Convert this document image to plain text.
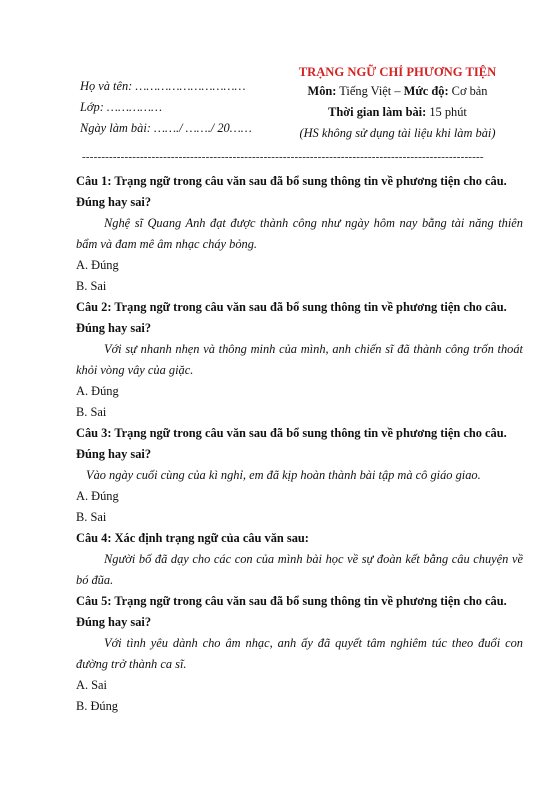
Họ và tên: …………………………
Lớp: ……………
Ngày làm bài: ……./ ……./ 20……
TRẠNG NGỮ CHỈ PHƯƠNG TIỆN
Môn: Tiếng Việt – Mức độ: Cơ bản
Thời gian làm bài: 15 phút
(HS không sử dụng tài liệu khi làm bài)
--------------------------------------------------------------------------------------------------------
Câu 1: Trạng ngữ trong câu văn sau đã bổ sung thông tin về phương tiện cho câu.
Đúng hay sai?
Nghệ sĩ Quang Anh đạt được thành công như ngày hôm nay bằng tài năng thiên bẩm và đam mê âm nhạc cháy bỏng.
A. Đúng
B. Sai
Câu 2: Trạng ngữ trong câu văn sau đã bổ sung thông tin về phương tiện cho câu.
Đúng hay sai?
Với sự nhanh nhẹn và thông minh của mình, anh chiến sĩ đã thành công trốn thoát khỏi vòng vây của giặc.
A. Đúng
B. Sai
Câu 3: Trạng ngữ trong câu văn sau đã bổ sung thông tin về phương tiện cho câu.
Đúng hay sai?
Vào ngày cuối cùng của kì nghỉ, em đã kịp hoàn thành bài tập mà cô giáo giao.
A. Đúng
B. Sai
Câu 4: Xác định trạng ngữ của câu văn sau:
Người bố đã dạy cho các con của mình bài học về sự đoàn kết bằng câu chuyện về bó đũa.
Câu 5: Trạng ngữ trong câu văn sau đã bổ sung thông tin về phương tiện cho câu.
Đúng hay sai?
Với tình yêu dành cho âm nhạc, anh ấy đã quyết tâm nghiêm túc theo đuổi con đường trở thành ca sĩ.
A. Sai
B. Đúng
